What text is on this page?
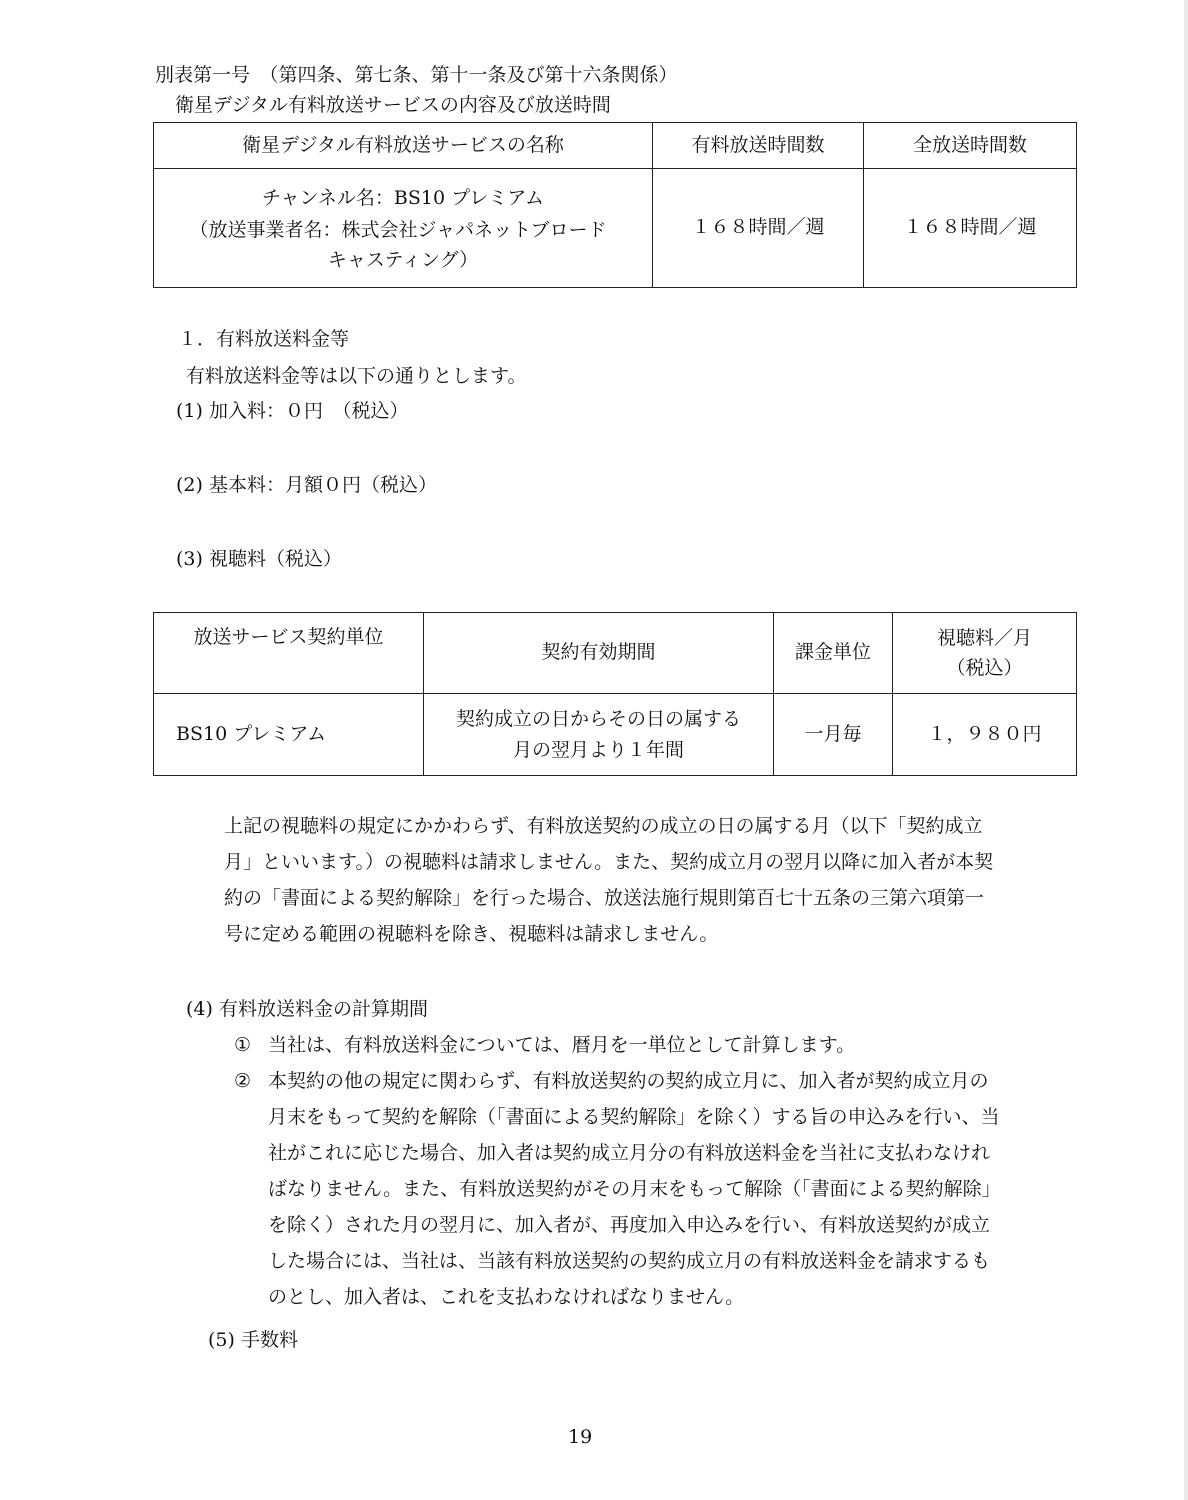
別表第一号　（第四条、第七条、第十一条及び第十六条関係）
衛星デジタル有料放送サービスの内容及び放送時間
衛星デジタル有料放送サービスの名称	有料放送時間数	全放送時間数

チャンネル名：BS10 プレミアム
（放送事業者名：株式会社ジャパネットブロード
キャスティング）	１６８時間／週	１６８時間／週
１．有料放送料金等
有料放送料金等は以下の通りとします。
(1) 加入料：０円　（税込）
(2) 基本料：月額０円（税込）
(3) 視聴料（税込）
放送サービス契約単位	契約有効期間	課金単位	視聴料／月
（税込）

BS10 プレミアム	契約成立の日からその日の属する
月の翌月より１年間	一月毎	１，９８０円

上記の視聴料の規定にかかわらず、有料放送契約の成立の日の属する月（以下「契約成立

月」といいます。）の視聴料は請求しません。また、契約成立月の翌月以降に加入者が本契

約の「書面による契約解除」を行った場合、放送法施行規則第百七十五条の三第六項第一

号に定める範囲の視聴料を除き、視聴料は請求しません。

(4) 有料放送料金の計算期間
① 当社は、有料放送料金については、暦月を一単位として計算します。
② 本契約の他の規定に関わらず、有料放送契約の契約成立月に、加入者が契約成立月の

月末をもって契約を解除（「書面による契約解除」を除く）する旨の申込みを行い、当

社がこれに応じた場合、加入者は契約成立月分の有料放送料金を当社に支払わなけれ

ばなりません。また、有料放送契約がその月末をもって解除（「書面による契約解除」

を除く）された月の翌月に、加入者が、再度加入申込みを行い、有料放送契約が成立

した場合には、当社は、当該有料放送契約の契約成立月の有料放送料金を請求するも

のとし、加入者は、これを支払わなければなりません。

(5) 手数料
19
